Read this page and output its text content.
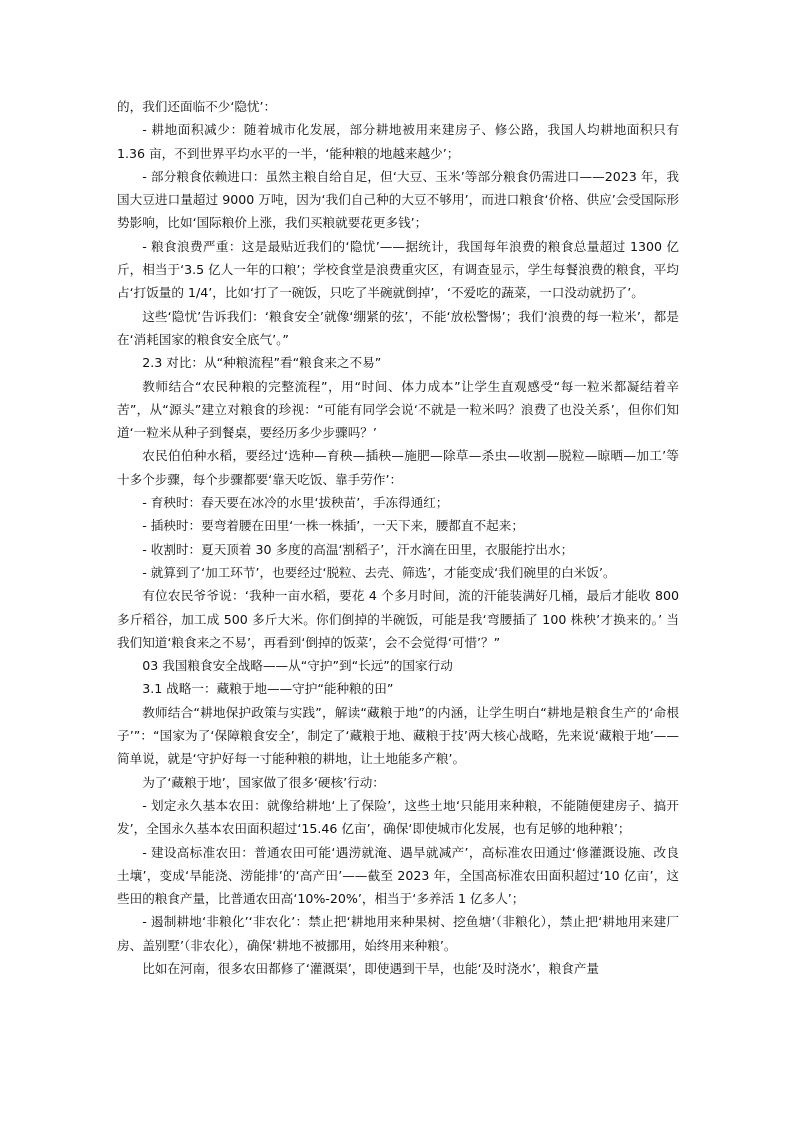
的，我们还面临不少‘隐忧’：

- 耕地面积减少：随着城市化发展，部分耕地被用来建房子、修公路，我国人均耕地面积只有 1.36 亩，不到世界平均水平的一半，‘能种粮的地越来越少’；

- 部分粮食依赖进口：虽然主粮自给自足，但‘大豆、玉米’等部分粮食仍需进口——2023 年，我国大豆进口量超过 9000 万吨，因为‘我们自己种的大豆不够用’，而进口粮食‘价格、供应’会受国际形势影响，比如‘国际粮价上涨，我们买粮就要花更多钱’；

- 粮食浪费严重：这是最贴近我们的‘隐忧’——据统计，我国每年浪费的粮食总量超过 1300 亿斤，相当于‘3.5 亿人一年的口粮’；学校食堂是浪费重灾区，有调查显示，学生每餐浪费的粮食，平均占‘打饭量的 1/4’，比如‘打了一碗饭，只吃了半碗就倒掉’，‘不爱吃的蔬菜，一口没动就扔了’。

这些‘隐忧’告诉我们：‘粮食安全’就像‘绷紧的弦’，不能‘放松警惕’；我们‘浪费的每一粒米’，都是在‘消耗国家的粮食安全底气’。”

2.3 对比：从“种粮流程”看“粮食来之不易”

教师结合“农民种粮的完整流程”，用“时间、体力成本”让学生直观感受“每一粒米都凝结着辛苦”，从“源头”建立对粮食的珍视：“可能有同学会说‘不就是一粒米吗？浪费了也没关系’，但你们知道‘一粒米从种子到餐桌，要经历多少步骤吗？’

农民伯伯种水稻，要经过‘选种—育秧—插秧—施肥—除草—杀虫—收割—脱粒—晾晒—加工’等十多个步骤，每个步骤都要‘靠天吃饭、靠手劳作’：

- 育秧时：春天要在冰冷的水里‘拔秧苗’，手冻得通红；

- 插秧时：要弯着腰在田里‘一株一株插’，一天下来，腰都直不起来；

- 收割时：夏天顶着 30 多度的高温‘割稻子’，汗水滴在田里，衣服能拧出水；

- 就算到了‘加工环节’，也要经过‘脱粒、去壳、筛选’，才能变成‘我们碗里的白米饭’。

有位农民爷爷说：‘我种一亩水稻，要花 4 个多月时间，流的汗能装满好几桶，最后才能收 800 多斤稻谷，加工成 500 多斤大米。你们倒掉的半碗饭，可能是我‘弯腰插了 100 株秧’才换来的。’ 当我们知道‘粮食来之不易’，再看到‘倒掉的饭菜’，会不会觉得‘可惜’？”

03 我国粮食安全战略——从“守护”到“长远”的国家行动

3.1 战略一：藏粮于地——守护“能种粮的田”

教师结合“耕地保护政策与实践”，解读“藏粮于地”的内涵，让学生明白“耕地是粮食生产的‘命根子’”：“国家为了‘保障粮食安全’，制定了‘藏粮于地、藏粮于技’两大核心战略，先来说‘藏粮于地’——简单说，就是‘守护好每一寸能种粮的耕地，让土地能多产粮’。

为了‘藏粮于地’，国家做了很多‘硬核’行动：

- 划定永久基本农田：就像给耕地‘上了保险’，这些土地‘只能用来种粮，不能随便建房子、搞开发’，全国永久基本农田面积超过‘15.46 亿亩’，确保‘即使城市化发展，也有足够的地种粮’；

- 建设高标准农田：普通农田可能‘遇涝就淹、遇旱就减产’，高标准农田通过‘修灌溉设施、改良土壤’，变成‘旱能浇、涝能排’的‘高产田’——截至 2023 年，全国高标准农田面积超过‘10 亿亩’，这些田的粮食产量，比普通农田高‘10%-20%’，相当于‘多养活 1 亿多人’；

- 遏制耕地‘非粮化’‘非农化’：禁止把‘耕地用来种果树、挖鱼塘’（非粮化），禁止把‘耕地用来建厂房、盖别墅’（非农化），确保‘耕地不被挪用，始终用来种粮’。

比如在河南，很多农田都修了‘灌溉渠’，即使遇到干旱，也能‘及时浇水’，粮食产量
